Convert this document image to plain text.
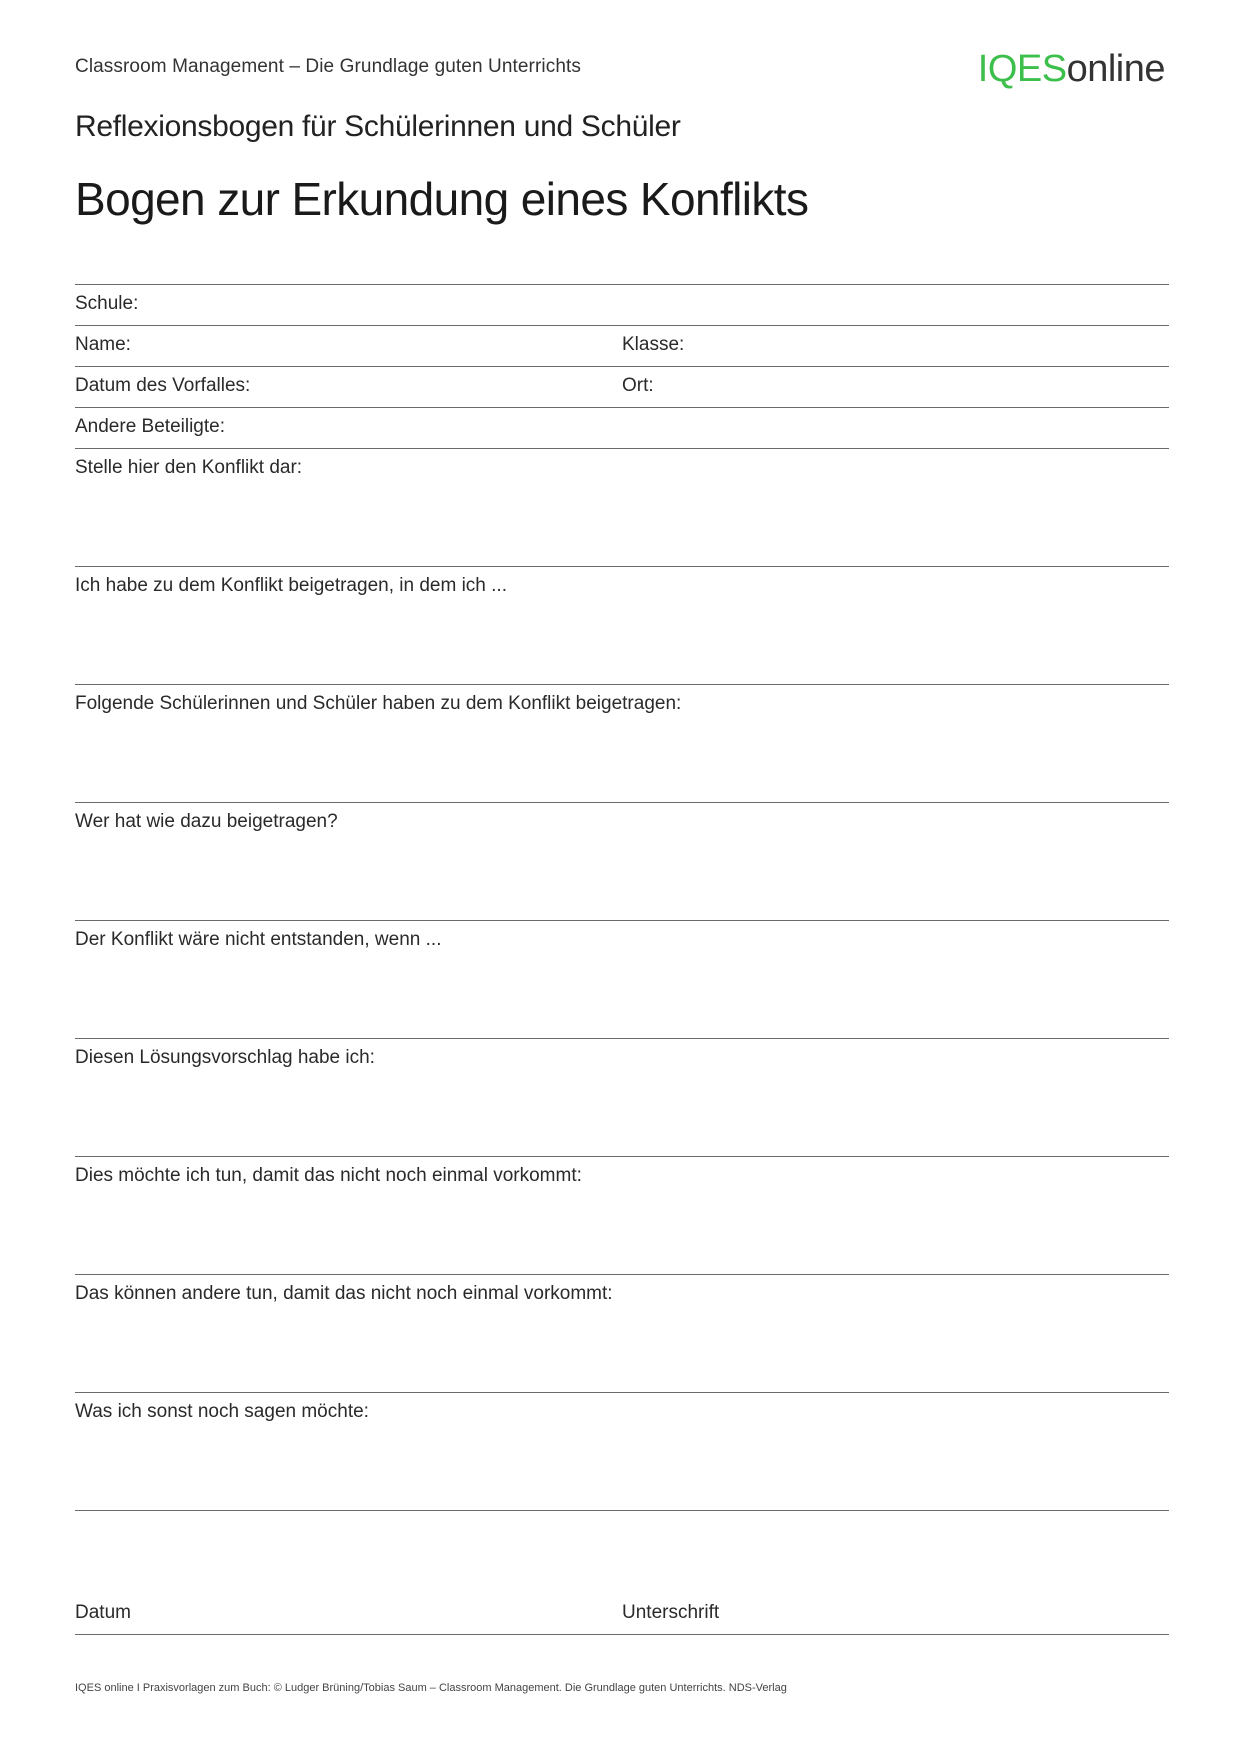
Classroom Management – Die Grundlage guten Unterrichts	IQESonline
Reflexionsbogen für Schülerinnen und Schüler
Bogen zur Erkundung eines Konflikts
Schule:
Name:	Klasse:
Datum des Vorfalles:	Ort:
Andere Beteiligte:
Stelle hier den Konflikt dar:
Ich habe zu dem Konflikt beigetragen, in dem ich ...
Folgende Schülerinnen und Schüler haben zu dem Konflikt beigetragen:
Wer hat wie dazu beigetragen?
Der Konflikt wäre nicht entstanden, wenn ...
Diesen Lösungsvorschlag habe ich:
Dies möchte ich tun, damit das nicht noch einmal vorkommt:
Das können andere tun, damit das nicht noch einmal vorkommt:
Was ich sonst noch sagen möchte:
Datum	Unterschrift
IQES online I Praxisvorlagen zum Buch: © Ludger Brüning/Tobias Saum – Classroom Management. Die Grundlage guten Unterrichts. NDS-Verlag
